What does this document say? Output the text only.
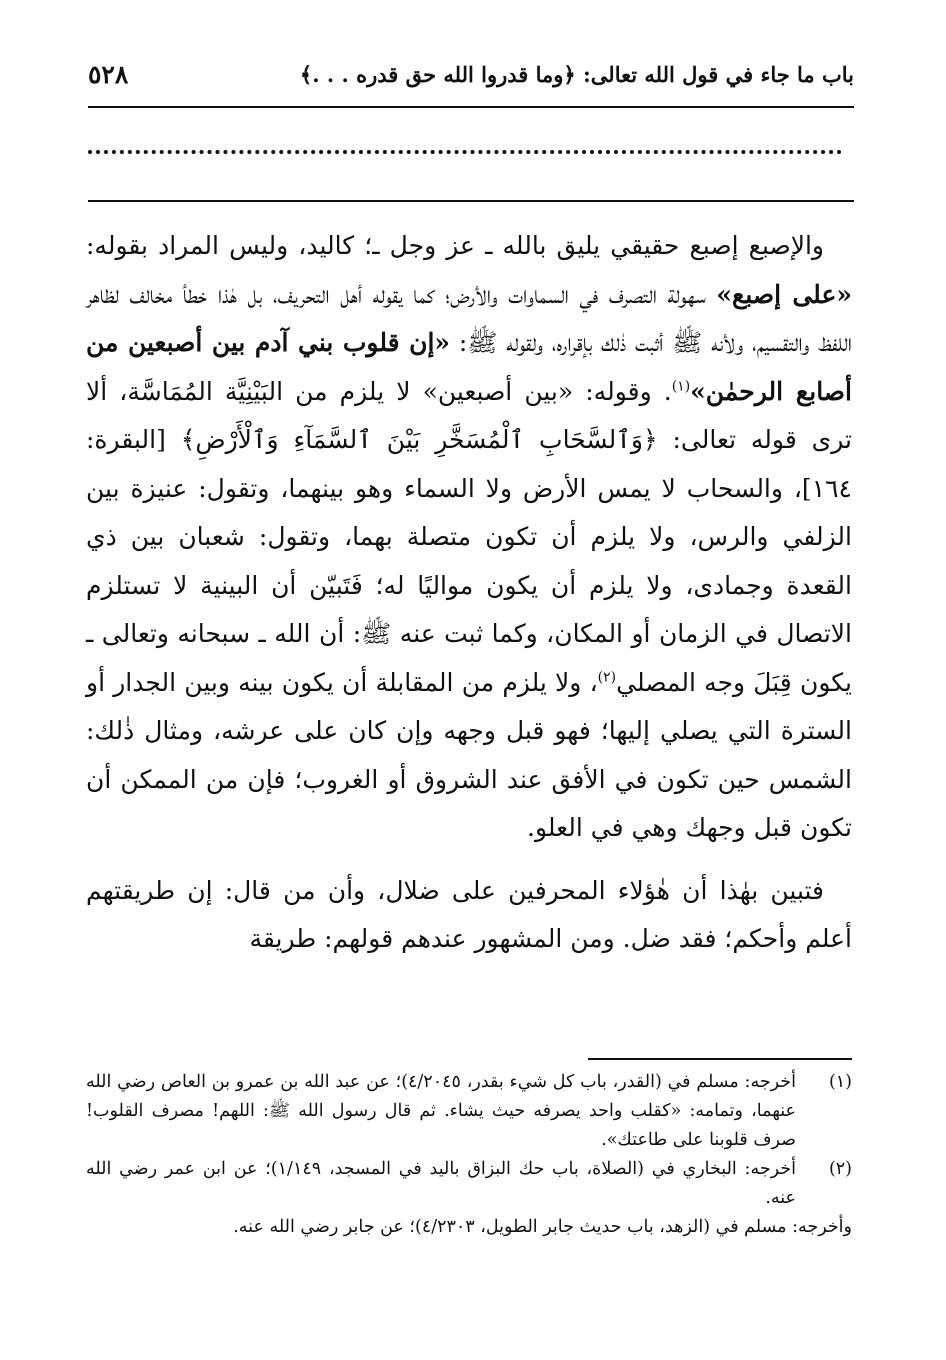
٥٢٨	باب ما جاء في قول الله تعالى: ﴿وما قدروا الله حق قدره . . .﴾

والإصبع إصبع حقيقي يليق بالله ـ عز وجل ـ؛ كاليد، وليس المراد بقوله: «على إصبع» سهولة التصرف في السماوات والأرض؛ كما يقوله أهل التحريف، بل هٰذا خطأ مخالف لظاهر اللفظ والتقسيم، ولأنه ﷺ أثبت ذٰلك بإقراره، ولقوله ﷺ: «إن قلوب بني آدم بين أصبعين من أصابع الرحمٰن»$^{(١)}$. وقوله: «بين أصبعين» لا يلزم من البَيْنِيَّة المُمَاسَّة، ألا ترى قوله تعالى: ﴿وَٱلسَّحَابِ ٱلْمُسَخَّرِ بَيْنَ ٱلسَّمَآءِ وَٱلْأَرْضِ﴾ [البقرة: ١٦٤]، والسحاب لا يمس الأرض ولا السماء وهو بينهما، وتقول: عنيزة بين الزلفي والرس، ولا يلزم أن تكون متصلة بهما، وتقول: شعبان بين ذي القعدة وجمادى، ولا يلزم أن يكون مواليًا له؛ فَتَبيّن أن البينية لا تستلزم الاتصال في الزمان أو المكان، وكما ثبت عنه ﷺ: أن الله ـ سبحانه وتعالى ـ يكون قِبَلَ وجه المصلي$^{(٢)}$، ولا يلزم من المقابلة أن يكون بينه وبين الجدار أو السترة التي يصلي إليها؛ فهو قبل وجهه وإن كان على عرشه، ومثال ذٰلك: الشمس حين تكون في الأفق عند الشروق أو الغروب؛ فإن من الممكن أن تكون قبل وجهك وهي في العلو.

فتبين بهٰذا أن هٰؤلاء المحرفين على ضلال، وأن من قال: إن طريقتهم أعلم وأحكم؛ فقد ضل. ومن المشهور عندهم قولهم: طريقة

(١)
أخرجه: مسلم في (القدر، باب كل شيء بقدر، ٤/٢٠٤٥)؛ عن عبد الله بن عمرو بن العاص رضي الله عنهما، وتمامه: «كقلب واحد يصرفه حيث يشاء. ثم قال رسول الله ﷺ: اللهم! مصرف القلوب! صرف قلوبنا على طاعتك».
(٢)
أخرجه: البخاري في (الصلاة، باب حك البزاق باليد في المسجد، ١/١٤٩)؛ عن ابن عمر رضي الله عنه.
وأخرجه: مسلم في (الزهد، باب حديث جابر الطويل، ٤/٢٣٠٣)؛ عن جابر رضي الله عنه.
